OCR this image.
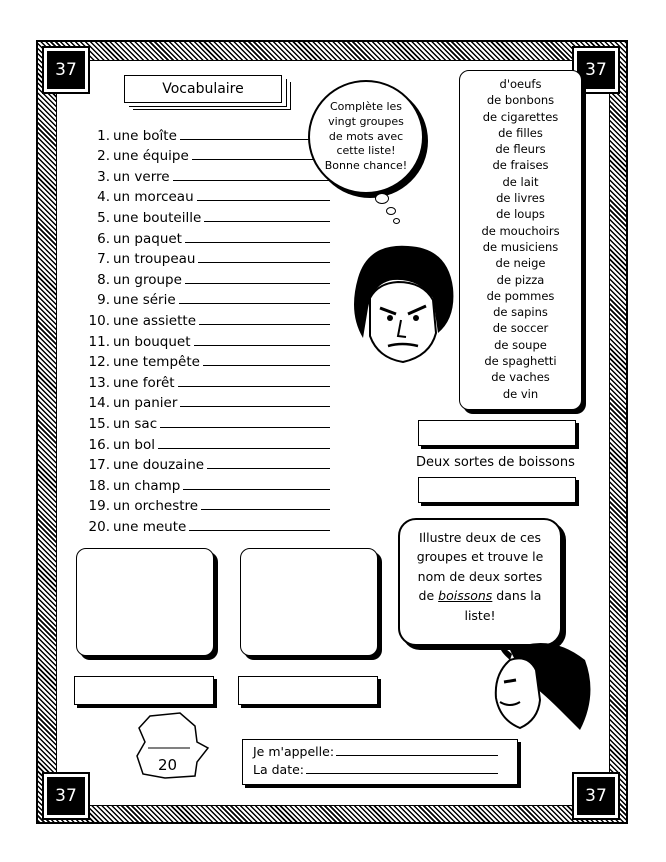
37	37
37	37
Vocabulaire
1. une boîte
2. une équipe
3. un verre
4. un morceau
5. une bouteille
6. un paquet
7. un troupeau
8. un groupe
9. une série
10. une assiette
11. un bouquet
12. une tempête
13. une forêt
14. un panier
15. un sac
16. un bol
17. une douzaine
18. un champ
19. un orchestre
20. une meute
Complète les vingt groupes de mots avec cette liste! Bonne chance!
d'oeufs
de bonbons
de cigarettes
de filles
de fleurs
de fraises
de lait
de livres
de loups
de mouchoirs
de musiciens
de neige
de pizza
de pommes
de sapins
de soccer
de soupe
de spaghetti
de vaches
de vin
Deux sortes de boissons
Illustre deux de ces
groupes et trouve le
nom de deux sortes
de boissons dans la
liste!
20
Je m'appelle:
La date:
